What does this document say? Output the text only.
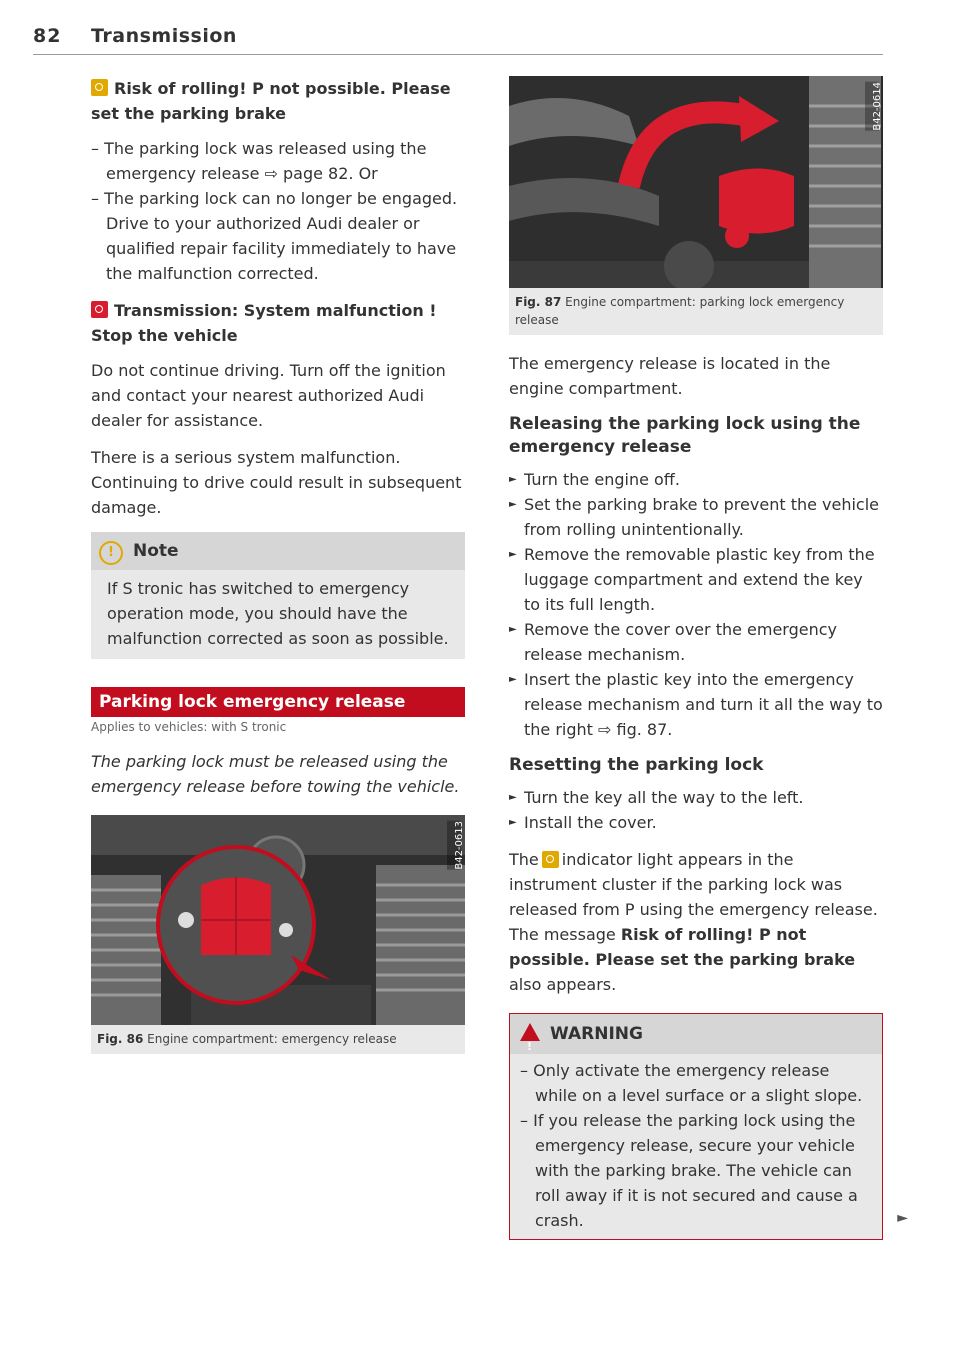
82 Transmission
Risk of rolling! P not possible. Please set the parking brake
– The parking lock was released using the emergency release ⇨ page 82. Or
– The parking lock can no longer be engaged. Drive to your authorized Audi dealer or qualified repair facility immediately to have the malfunction corrected.
Transmission: System malfunction ! Stop the vehicle

Do not continue driving. Turn off the ignition and contact your nearest authorized Audi dealer for assistance.

There is a serious system malfunction. Continuing to drive could result in subsequent damage.

! Note
If S tronic has switched to emergency operation mode, you should have the malfunction corrected as soon as possible.
Parking lock emergency release
Applies to vehicles: with S tronic
The parking lock must be released using the emergency release before towing the vehicle.
B42-0613
Fig. 86 Engine compartment: emergency release
B42-0614
Fig. 87 Engine compartment: parking lock emergency release

The emergency release is located in the engine compartment.

Releasing the parking lock using the emergency release
► Turn the engine off.
► Set the parking brake to prevent the vehicle from rolling unintentionally.
► Remove the removable plastic key from the luggage compartment and extend the key to its full length.
► Remove the cover over the emergency release mechanism.
► Insert the plastic key into the emergency release mechanism and turn it all the way to the right ⇨ fig. 87.
Resetting the parking lock
► Turn the key all the way to the left.
► Install the cover.

The indicator light appears in the instrument cluster if the parking lock was released from P using the emergency release. The message Risk of rolling! P not possible. Please set the parking brake also appears.

!WARNING
– Only activate the emergency release while on a level surface or a slight slope.
– If you release the parking lock using the emergency release, secure your vehicle with the parking brake. The vehicle can roll away if it is not secured and cause a crash.	►
